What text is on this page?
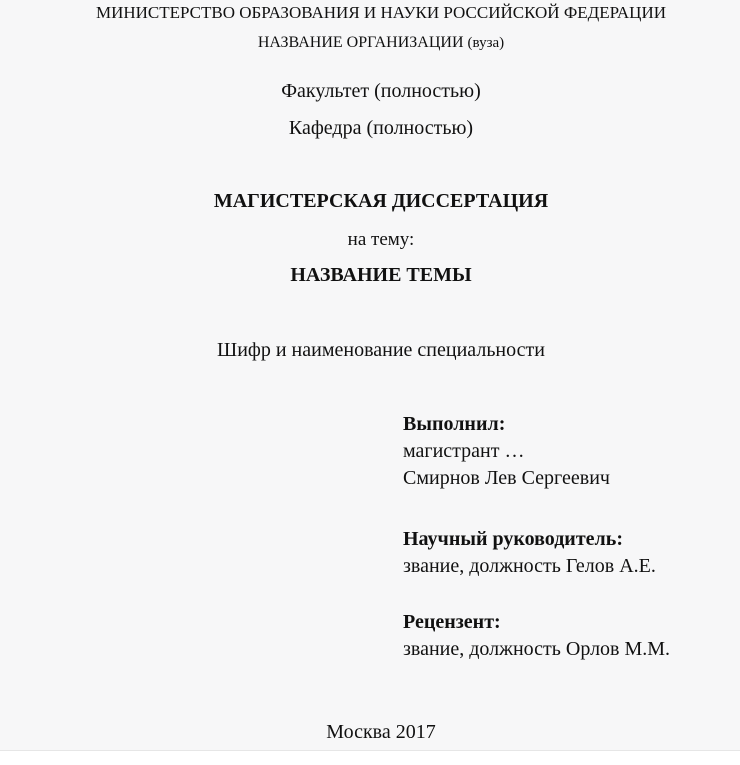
МИНИСТЕРСТВО ОБРАЗОВАНИЯ И НАУКИ РОССИЙСКОЙ ФЕДЕРАЦИИ
НАЗВАНИЕ ОРГАНИЗАЦИИ (вуза)
Факультет (полностью)
Кафедра (полностью)
МАГИСТЕРСКАЯ ДИССЕРТАЦИЯ
на тему:
НАЗВАНИЕ ТЕМЫ
Шифр и наименование специальности
Выполнил:
магистрант …
Смирнов Лев Сергеевич
Научный руководитель:
звание, должность Гелов А.Е.
Рецензент:
звание, должность Орлов М.М.
Москва 2017
